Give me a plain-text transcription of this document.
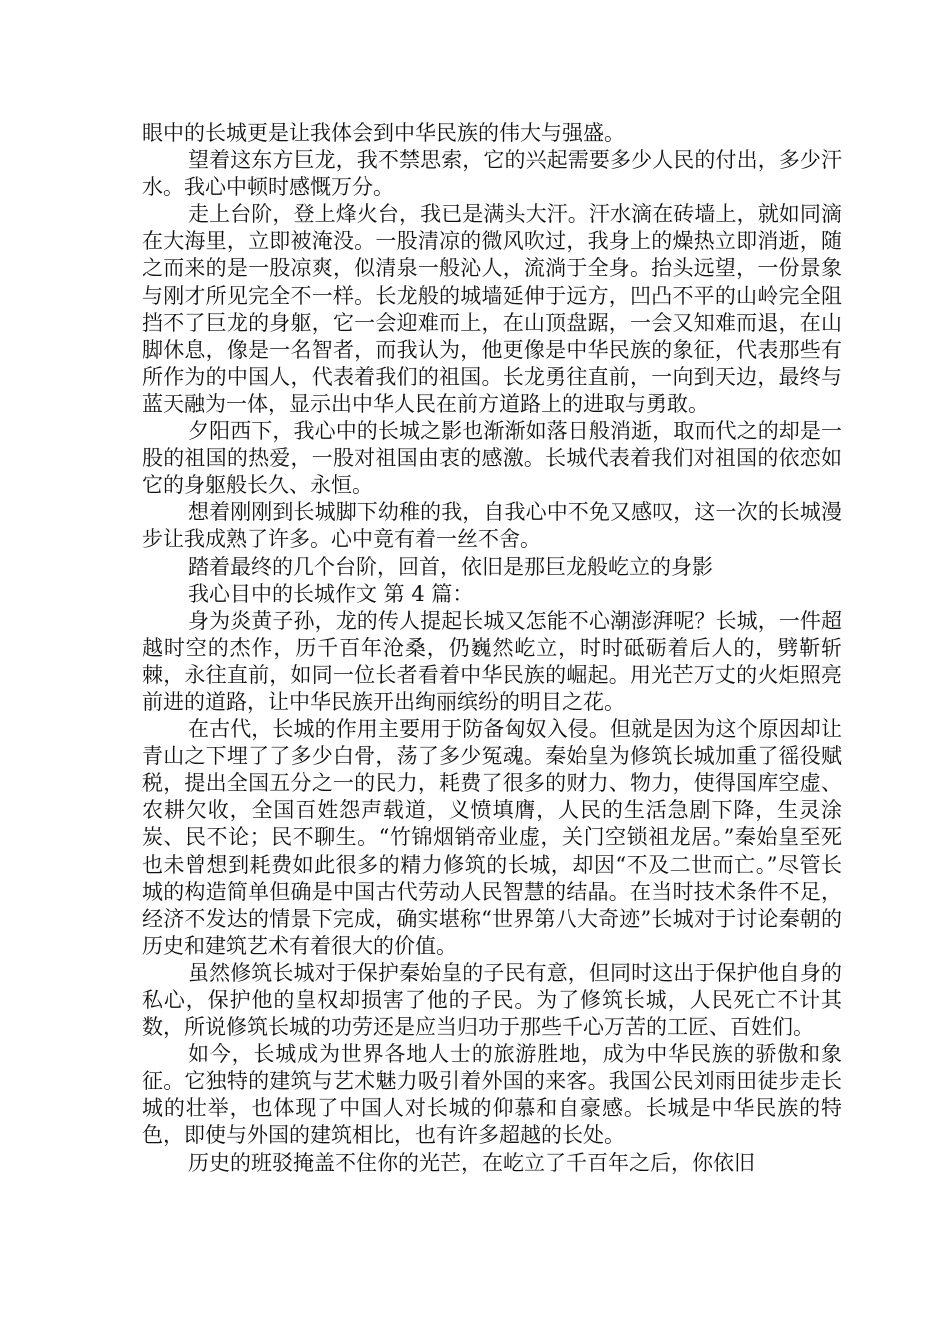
眼中的长城更是让我体会到中华民族的伟大与强盛。

望着这东方巨龙，我不禁思索，它的兴起需要多少人民的付出，多少汗水。我心中顿时感慨万分。

走上台阶，登上烽火台，我已是满头大汗。汗水滴在砖墙上，就如同滴在大海里，立即被淹没。一股清凉的微风吹过，我身上的燥热立即消逝，随之而来的是一股凉爽，似清泉一般沁人，流淌于全身。抬头远望，一份景象与刚才所见完全不一样。长龙般的城墙延伸于远方，凹凸不平的山岭完全阻挡不了巨龙的身躯，它一会迎难而上，在山顶盘踞，一会又知难而退，在山脚休息，像是一名智者，而我认为，他更像是中华民族的象征，代表那些有所作为的中国人，代表着我们的祖国。长龙勇往直前，一向到天边，最终与蓝天融为一体，显示出中华人民在前方道路上的进取与勇敢。

夕阳西下，我心中的长城之影也渐渐如落日般消逝，取而代之的却是一股的祖国的热爱，一股对祖国由衷的感激。长城代表着我们对祖国的依恋如它的身躯般长久、永恒。

想着刚刚到长城脚下幼稚的我，自我心中不免又感叹，这一次的长城漫步让我成熟了许多。心中竟有着一丝不舍。

踏着最终的几个台阶，回首，依旧是那巨龙般屹立的身影

我心目中的长城作文 第 4 篇：

身为炎黄子孙，龙的传人提起长城又怎能不心潮澎湃呢？长城，一件超越时空的杰作，历千百年沧桑，仍巍然屹立，时时砥砺着后人的，劈靳斩棘，永往直前，如同一位长者看着中华民族的崛起。用光芒万丈的火炬照亮前进的道路，让中华民族开出绚丽缤纷的明目之花。

在古代，长城的作用主要用于防备匈奴入侵。但就是因为这个原因却让青山之下埋了了多少白骨，荡了多少冤魂。秦始皇为修筑长城加重了徭役赋税，提出全国五分之一的民力，耗费了很多的财力、物力，使得国库空虚、农耕欠收，全国百姓怨声载道，义愤填膺，人民的生活急剧下降，生灵涂炭、民不论；民不聊生。“竹锦烟销帝业虚，关门空锁祖龙居。”秦始皇至死也未曾想到耗费如此很多的精力修筑的长城，却因“不及二世而亡。”尽管长城的构造简单但确是中国古代劳动人民智慧的结晶。在当时技术条件不足，经济不发达的情景下完成，确实堪称“世界第八大奇迹”长城对于讨论秦朝的历史和建筑艺术有着很大的价值。

虽然修筑长城对于保护秦始皇的子民有意，但同时这出于保护他自身的私心，保护他的皇权却损害了他的子民。为了修筑长城，人民死亡不计其数，所说修筑长城的功劳还是应当归功于那些千心万苦的工匠、百姓们。

如今，长城成为世界各地人士的旅游胜地，成为中华民族的骄傲和象征。它独特的建筑与艺术魅力吸引着外国的来客。我国公民刘雨田徒步走长城的壮举，也体现了中国人对长城的仰慕和自豪感。长城是中华民族的特色，即使与外国的建筑相比，也有许多超越的长处。

历史的班驳掩盖不住你的光芒，在屹立了千百年之后，你依旧
